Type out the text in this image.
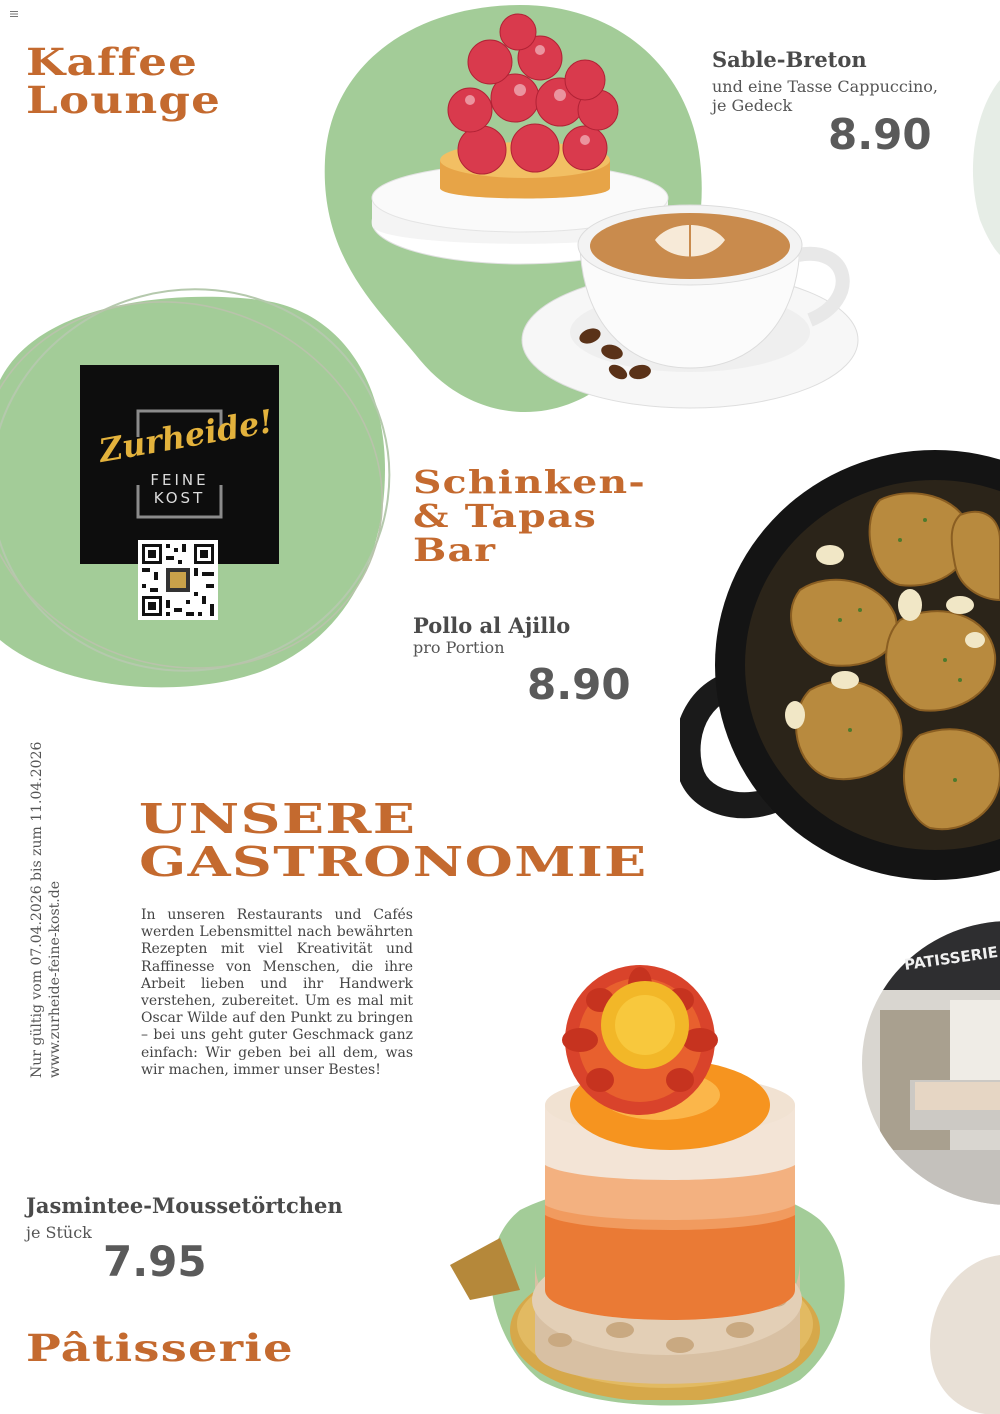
Kaffee
Lounge
Sable-Breton
und eine Tasse Cappuccino,
je Gedeck
8.90
Zurheide!
FEINE
KOST	Schinken-
& Tapas
Bar
Pollo al Ajillo
pro Portion
8.90
UNSERE
GASTRONOMIE
In unseren Restaurants und Cafés werden Lebensmittel nach bewährten Rezepten mit viel Kreativität und Raffinesse von Menschen, die ihre Arbeit lieben und ihr Handwerk verstehen, zubereitet. Um es mal mit Oscar Wilde auf den Punkt zu bringen – bei uns geht guter Geschmack ganz einfach: Wir geben bei all dem, was wir machen, immer unser Bestes!
Nur gültig vom 07.04.2026 bis zum 11.04.2026 www.zurheide-feine-kost.de	PATISSERIE
Jasmintee-Moussetörtchen
je Stück
7.95
Pâtisserie
